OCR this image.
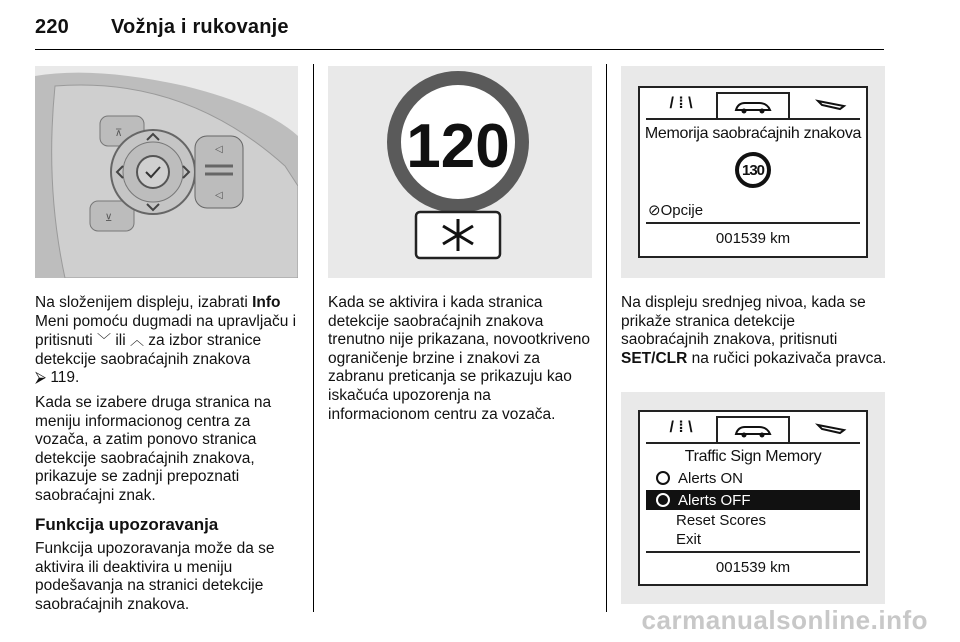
220 Vožnja i rukovanje
⊼
⊻
◁
◁

Na složenijem displeju, izabrati Info Meni pomoću dugmadi na upravljaču i pritisnuti ﹀ ili ︿ za izbor stranice detekcije saobraćajnih znakova
⮚ 119.

Kada se izabere druga stranica na meniju informacionog centra za vozača, a zatim ponovo stranica detekcije saobraćajnih znakova, prikazuje se zadnji prepoznati saobraćajni znak.

Funkcija upozoravanja

Funkcija upozoravanja može da se aktivira ili deaktivira u meniju podešavanja na stranici detekcije saobraćajnih znakova.

120

Kada se aktivira i kada stranica detekcije saobraćajnih znakova trenutno nije prikazana, novootkriveno ograničenje brzine i znakovi za zabranu preticanja se prikazuju kao iskačuća upozorenja na informacionom centru za vozača.

/ ⁞ \
Memorija saobraćajnih znakova
130
⊘Opcije
001539 km

Na displeju srednjeg nivoa, kada se prikaže stranica detekcije saobraćajnih znakova, pritisnuti SET/CLR na ručici pokazivača pravca.

/ ⁞ \
Traffic Sign Memory
Alerts ON
Alerts OFF
Reset Scores
Exit
001539 km
carmanualsonline.info
